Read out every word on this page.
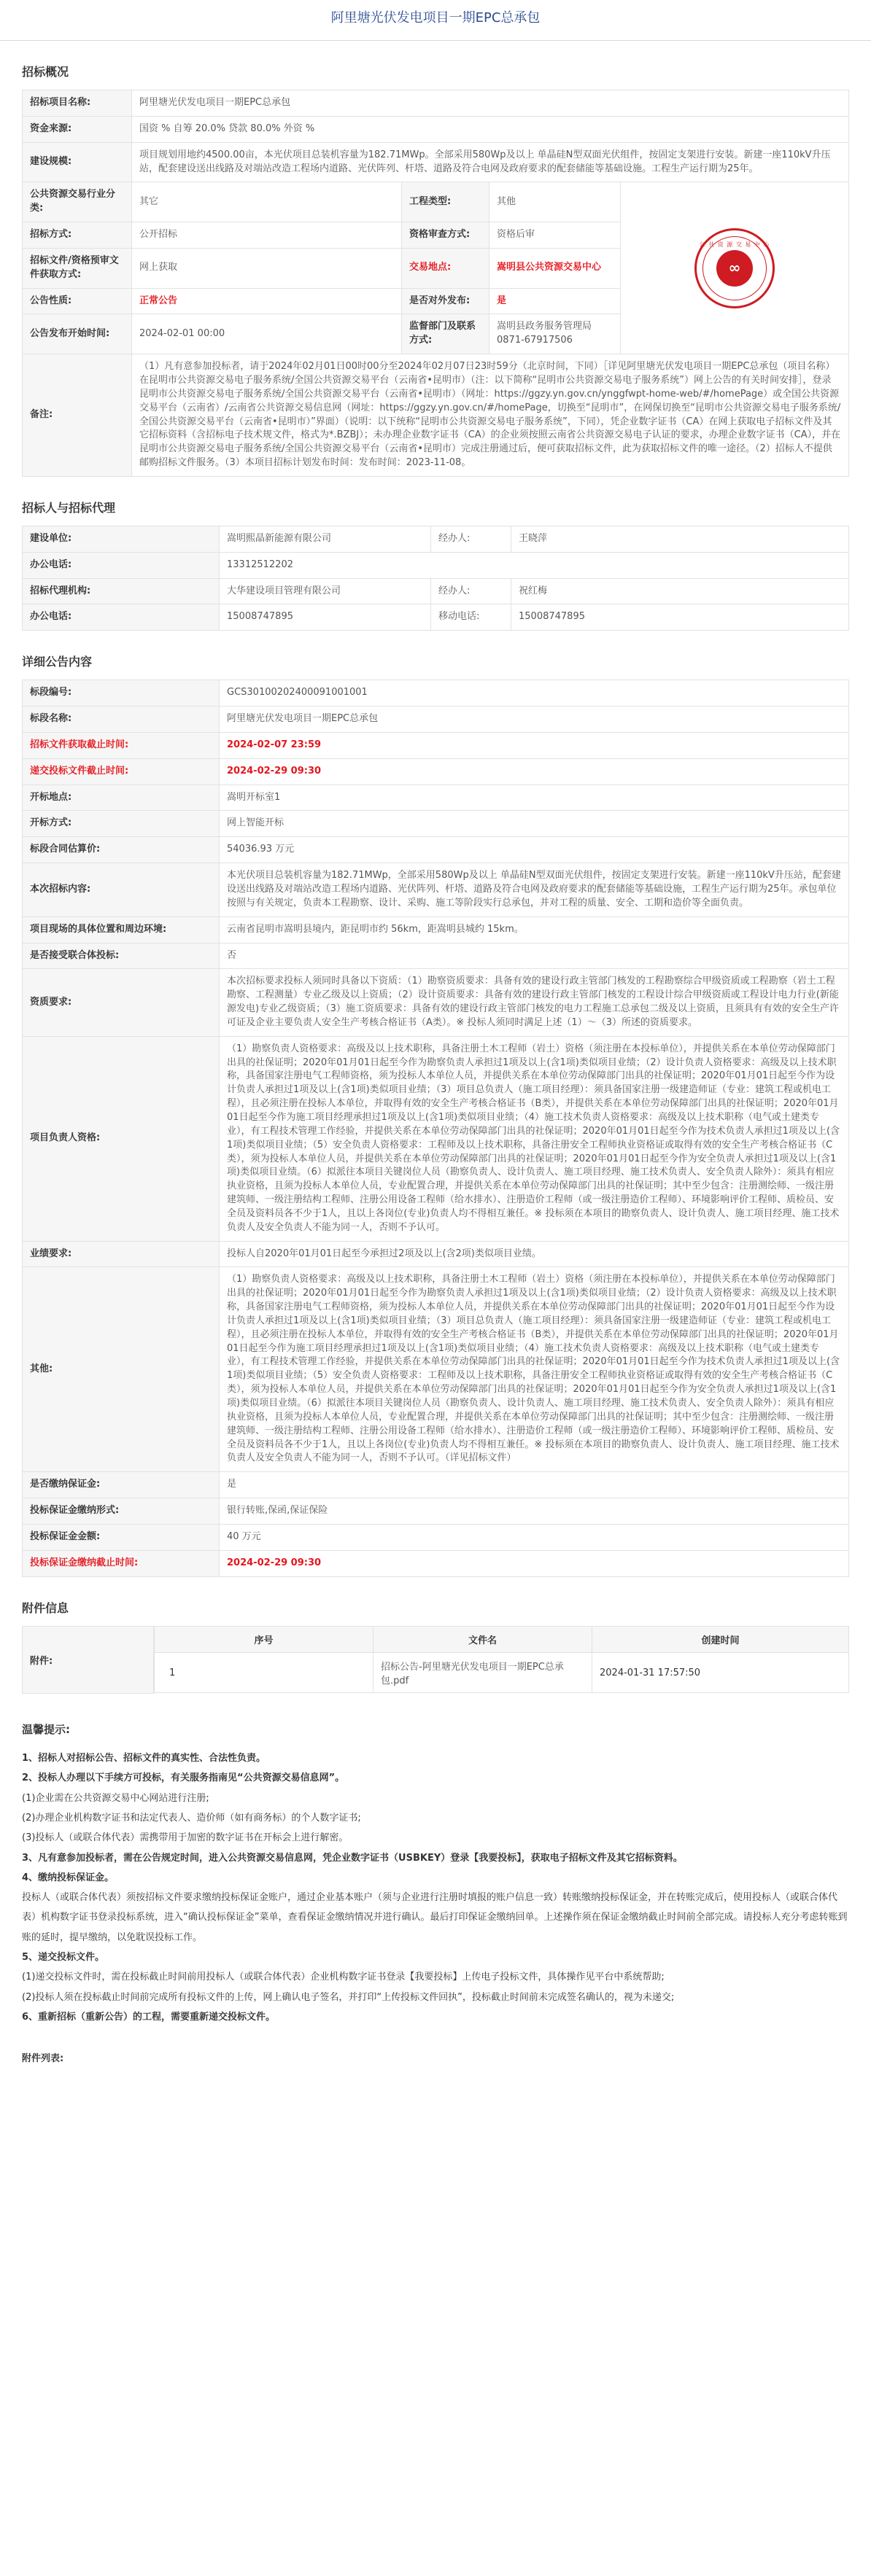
阿里塘光伏发电项目一期EPC总承包
招标概况
招标项目名称:	阿里塘光伏发电项目一期EPC总承包			
资金来源:	国资 % 自筹 20.0% 贷款 80.0% 外资 %			
建设规模:	项目规划用地约4500.00亩，本光伏项目总装机容量为182.71MWp。全部采用580Wp及以上 单晶硅N型双面光伏组件，按固定支架进行安装。新建一座110kV升压站，配套建设送出线路及对端站改造工程场内道路、光伏阵列、杆塔、道路及符合电网及政府要求的配套储能等基础设施。工程生产运行期为25年。			
公共资源交易行业分类:	其它	工程类型:	其他	公 共 资 源 交 易 中 心
∞

招标方式:	公开招标	资格审查方式:	资格后审	
招标文件/资格预审文件获取方式:	网上获取	交易地点:	嵩明县公共资源交易中心	
公告性质:	正常公告	是否对外发布:	是	
公告发布开始时间:	2024-02-01 00:00	监督部门及联系方式:	嵩明县政务服务管理局 0871-67917506	
备注:	（1）凡有意参加投标者，请于2024年02月01日00时00分至2024年02月07日23时59分（北京时间，下同）［详见阿里塘光伏发电项目一期EPC总承包（项目名称）在昆明市公共资源交易电子服务系统/全国公共资源交易平台（云南省•昆明市）（注：以下简称“昆明市公共资源交易电子服务系统”）网上公告的有关时间安排］，登录 昆明市公共资源交易电子服务系统/全国公共资源交易平台（云南省•昆明市）（网址：https://ggzy.yn.gov.cn/ynggfwpt-home-web/#/homePage）或全国公共资源交易平台（云南省）/云南省公共资源交易信息网（网址：https://ggzy.yn.gov.cn/#/homePage，切换至“昆明市”，在网保切换至“昆明市公共资源交易电子服务系统/全国公共资源交易平台（云南省•昆明市）”界面）（说明：以下统称“昆明市公共资源交易电子服务系统”，下同），凭企业数字证书（CA）在网上获取电子招标文件及其它招标资料（含招标电子技术规文件，格式为*.BZBJ）；未办理企业数字证书（CA）的企业须按照云南省公共资源交易电子认证的要求，办理企业数字证书（CA），并在 昆明市公共资源交易电子服务系统/全国公共资源交易平台（云南省•昆明市）完成注册通过后，便可获取招标文件，此为获取招标文件的唯一途径。（2）招标人不提供邮购招标文件服务。（3）本项目招标计划发布时间：发布时间：2023-11-08。			
招标人与招标代理
建设单位:	嵩明熙晶新能源有限公司	经办人:	王晓萍
办公电话:	13312512202		
招标代理机构:	大华建设项目管理有限公司	经办人:	祝红梅
办公电话:	15008747895	移动电话:	15008747895
详细公告内容
标段编号:	GCS30100202400091001001
标段名称:	阿里塘光伏发电项目一期EPC总承包
招标文件获取截止时间:	2024-02-07 23:59
递交投标文件截止时间:	2024-02-29 09:30
开标地点:	嵩明开标室1
开标方式:	网上智能开标
标段合同估算价:	54036.93 万元
本次招标内容:	本光伏项目总装机容量为182.71MWp，全部采用580Wp及以上 单晶硅N型双面光伏组件，按固定支架进行安装。新建一座110kV升压站，配套建设送出线路及对端站改造工程场内道路、光伏阵列、杆塔、道路及符合电网及政府要求的配套储能等基础设施，工程生产运行期为25年。承包单位按照与有关规定，负责本工程勘察、设计、采购、施工等阶段实行总承包，并对工程的质量、安全、工期和造价等全面负责。
项目现场的具体位置和周边环境:	云南省昆明市嵩明县境内，距昆明市约 56km，距嵩明县城约 15km。
是否接受联合体投标:	否
资质要求:	本次招标要求投标人须同时具备以下资质：（1）勘察资质要求：具备有效的建设行政主管部门核发的工程勘察综合甲级资质或工程勘察（岩土工程勘察、工程测量）专业乙级及以上资质；（2）设计资质要求：具备有效的建设行政主管部门核发的工程设计综合甲级资质或工程设计电力行业(新能源发电)专业乙级资质；（3）施工资质要求：具备有效的建设行政主管部门核发的电力工程施工总承包二级及以上资质，且须具有有效的安全生产许可证及企业主要负责人安全生产考核合格证书（A类）。※ 投标人须同时满足上述（1）～（3）所述的资质要求。
项目负责人资格:	（1）勘察负责人资格要求：高级及以上技术职称，具备注册土木工程师（岩土）资格（须注册在本投标单位），并提供关系在本单位劳动保障部门出具的社保证明；2020年01月01日起至今作为勘察负责人承担过1项及以上(含1项)类似项目业绩；（2）设计负责人资格要求：高级及以上技术职称，具备国家注册电气工程师资格，须为投标人本单位人员，并提供关系在本单位劳动保障部门出具的社保证明；2020年01月01日起至今作为设计负责人承担过1项及以上(含1项)类似项目业绩；（3）项目总负责人（施工项目经理）：须具备国家注册一级建造师证（专业：建筑工程或机电工程），且必须注册在投标人本单位，并取得有效的安全生产考核合格证书（B类），并提供关系在本单位劳动保障部门出具的社保证明；2020年01月01日起至今作为施工项目经理承担过1项及以上(含1项)类似项目业绩；（4）施工技术负责人资格要求：高级及以上技术职称（电气或土建类专业），有工程技术管理工作经验，并提供关系在本单位劳动保障部门出具的社保证明；2020年01月01日起至今作为技术负责人承担过1项及以上(含1项)类似项目业绩；（5）安全负责人资格要求：工程师及以上技术职称，具备注册安全工程师执业资格证或取得有效的安全生产考核合格证书（C类），须为投标人本单位人员，并提供关系在本单位劳动保障部门出具的社保证明；2020年01月01日起至今作为安全负责人承担过1项及以上(含1项)类似项目业绩。（6）拟派往本项目关键岗位人员（勘察负责人、设计负责人、施工项目经理、施工技术负责人、安全负责人除外）：须具有相应执业资格，且须为投标人本单位人员，专业配置合理，并提供关系在本单位劳动保障部门出具的社保证明；其中至少包含：注册测绘师、一级注册建筑师、一级注册结构工程师、注册公用设备工程师（给水排水）、注册造价工程师（或一级注册造价工程师）、环境影响评价工程师、质检员、安全员及资料员各不少于1人，且以上各岗位(专业)负责人均不得相互兼任。※ 投标须在本项目的勘察负责人、设计负责人、施工项目经理、施工技术负责人及安全负责人不能为同一人，否则不予认可。
业绩要求:	投标人自2020年01月01日起至今承担过2项及以上(含2项)类似项目业绩。
其他:	（1）勘察负责人资格要求：高级及以上技术职称，具备注册土木工程师（岩土）资格（须注册在本投标单位），并提供关系在本单位劳动保障部门出具的社保证明；2020年01月01日起至今作为勘察负责人承担过1项及以上(含1项)类似项目业绩；（2）设计负责人资格要求：高级及以上技术职称，具备国家注册电气工程师资格，须为投标人本单位人员，并提供关系在本单位劳动保障部门出具的社保证明；2020年01月01日起至今作为设计负责人承担过1项及以上(含1项)类似项目业绩；（3）项目总负责人（施工项目经理）：须具备国家注册一级建造师证（专业：建筑工程或机电工程），且必须注册在投标人本单位，并取得有效的安全生产考核合格证书（B类），并提供关系在本单位劳动保障部门出具的社保证明；2020年01月01日起至今作为施工项目经理承担过1项及以上(含1项)类似项目业绩；（4）施工技术负责人资格要求：高级及以上技术职称（电气或土建类专业），有工程技术管理工作经验，并提供关系在本单位劳动保障部门出具的社保证明；2020年01月01日起至今作为技术负责人承担过1项及以上(含1项)类似项目业绩；（5）安全负责人资格要求：工程师及以上技术职称，具备注册安全工程师执业资格证或取得有效的安全生产考核合格证书（C类），须为投标人本单位人员，并提供关系在本单位劳动保障部门出具的社保证明；2020年01月01日起至今作为安全负责人承担过1项及以上(含1项)类似项目业绩。（6）拟派往本项目关键岗位人员（勘察负责人、设计负责人、施工项目经理、施工技术负责人、安全负责人除外）：须具有相应执业资格，且须为投标人本单位人员，专业配置合理，并提供关系在本单位劳动保障部门出具的社保证明；其中至少包含：注册测绘师、一级注册建筑师、一级注册结构工程师、注册公用设备工程师（给水排水）、注册造价工程师（或一级注册造价工程师）、环境影响评价工程师、质检员、安全员及资料员各不少于1人，且以上各岗位(专业)负责人均不得相互兼任。※ 投标须在本项目的勘察负责人、设计负责人、施工项目经理、施工技术负责人及安全负责人不能为同一人，否则不予认可。（详见招标文件）
是否缴纳保证金:	是
投标保证金缴纳形式:	银行转账,保函,保证保险
投标保证金金额:	40 万元
投标保证金缴纳截止时间:	2024-02-29 09:30
附件信息
附件:	
序号	文件名	创建时间
1	招标公告-阿里塘光伏发电项目一期EPC总承包.pdf	2024-01-31 17:57:50
温馨提示:
1、招标人对招标公告、招标文件的真实性、合法性负责。
2、投标人办理以下手续方可投标，有关服务指南见“公共资源交易信息网”。
(1)企业需在公共资源交易中心网站进行注册;
(2)办理企业机构数字证书和法定代表人、造价师（如有商务标）的个人数字证书;
(3)投标人（或联合体代表）需携带用于加密的数字证书在开标会上进行解密。
3、凡有意参加投标者，需在公告规定时间，进入公共资源交易信息网，凭企业数字证书（USBKEY）登录【我要投标】，获取电子招标文件及其它招标资料。
4、缴纳投标保证金。
投标人（或联合体代表）须按招标文件要求缴纳投标保证金账户，通过企业基本账户（须与企业进行注册时填报的账户信息一致）转账缴纳投标保证金，并在转账完成后，使用投标人（或联合体代表）机构数字证书登录投标系统，进入“确认投标保证金”菜单，查看保证金缴纳情况并进行确认。最后打印保证金缴纳回单。上述操作须在保证金缴纳截止时间前全部完成。请投标人充分考虑转账到账的延时，提早缴纳，以免耽误投标工作。
5、递交投标文件。
(1)递交投标文件时，需在投标截止时间前用投标人（或联合体代表）企业机构数字证书登录【我要投标】上传电子投标文件，具体操作见平台中系统帮助;
(2)投标人须在投标截止时间前完成所有投标文件的上传，网上确认电子签名，并打印“上传投标文件回执”，投标截止时间前未完成签名确认的，视为未递交;
6、重新招标（重新公告）的工程，需要重新递交投标文件。
附件列表:
